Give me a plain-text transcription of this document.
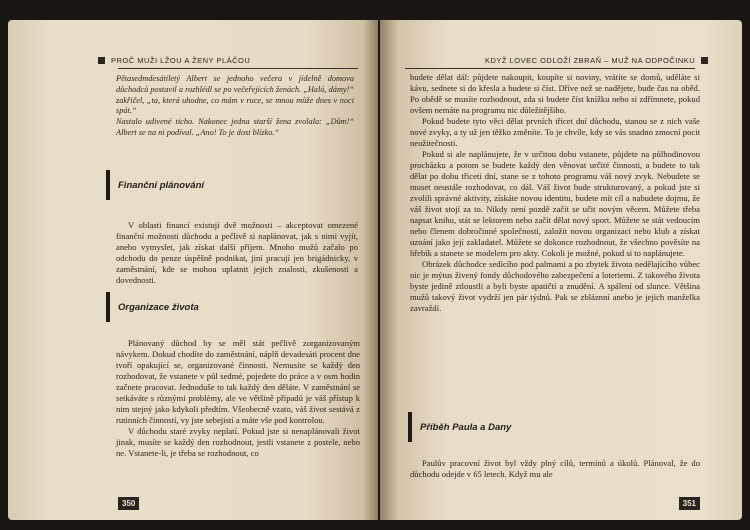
PROČ MUŽI LŽOU A ŽENY PLÁČOU

Pětasedmdesátiletý Albert se jednoho večera v jídelně domova důchodců postavil a rozhlédl se po večeřejících ženách. „Haló, dámy!“ zakřičel, „ta, která uhodne, co mám v ruce, se mnou může dnes v noci spát.“

Nastalo udivené ticho. Nakonec jedna starší žena zvolala: „Dům!“ Albert se na ni podíval. „Ano! To je dost blízko.“

Finanční plánování

V oblasti financí existují dvě možnosti – akceptovat omezené finanční možnosti důchodu a pečlivě si naplánovat, jak s nimi vyjít, anebo vymyslet, jak získat další příjem. Mnoho mužů začalo po odchodu do penze úspěšně podnikat, jiní pracují jen brigádnicky, v zaměstnání, kde se mohou uplatnit jejich znalosti, zkušenosti a dovednosti.

Organizace života

Plánovaný důchod by se měl stát pečlivě zorganizovaným návykem. Dokud chodíte do zaměstnání, náplň devadesáti procent dne tvoří opakující se, organizované činnosti. Nemusíte se každý den rozhodovat, že vstanete v půl sedmé, pojedete do práce a v osm hodin začnete pracovat. Jednoduše to tak každý den děláte. V zaměstnání se setkáváte s různými problémy, ale ve většině případů je váš přístup k nim stejný jako kdykoli předtím. Všeobecně vzato, váš život sestává z rutinních činností, vy jste sebejistí a máte vše pod kontrolou.

V důchodu staré zvyky neplatí. Pokud jste si nenaplánovali život jinak, musíte se každý den rozhodnout, jestli vstanete z postele, nebo ne. Vstanete-li, je třeba se rozhodnout, co

350
KDYŽ LOVEC ODLOŽÍ ZBRAŇ – MUŽ NA ODPOČINKU

budete dělat dál: půjdete nakoupit, koupíte si noviny, vrátíte se domů, uděláte si kávu, sednete si do křesla a budete si číst. Dříve než se nadějete, bude čas na oběd. Po obědě se musíte rozhodnout, zda si budete číst knížku nebo si zdřímnete, pokud ovšem nemáte na programu nic důležitějšího.

Pokud budete tyto věci dělat prvních třicet dní důchodu, stanou se z nich vaše nové zvyky, a ty už jen těžko změníte. To je chvíle, kdy se vás snadno zmocní pocit neužitečnosti.

Pokud si ale naplánujete, že v určitou dobu vstanete, půjdete na půlhodinovou procházku a potom se budete každý den věnovat určité činnosti, a budete to tak dělat po dobu třiceti dní, stane se z tohoto programu váš nový zvyk. Nebudete se muset neustále rozhodovat, co dál. Váš život bude strukturovaný, a pokud jste si zvolili správné aktivity, získáte novou identitu, budete mít cíl a nabudete dojmu, že váš život stojí za to. Nikdy není pozdě začít se učit novým věcem. Můžete třeba napsat knihu, stát se lektorem nebo začít dělat nový sport. Můžete se stát vedoucím nebo členem dobročinné společnosti, založit novou organizaci nebo klub a získat uznání jako její zakladatel. Můžete se dokonce rozhodnout, že všechno pověsíte na hřebík a stanete se modelem pro akty. Cokoli je možné, pokud si to naplánujete.

Obrázek důchodce sedícího pod palmami a po zbytek života nedělajícího vůbec nic je mýtus živený fondy důchodového zabezpečení a loteriemi. Z takového života byste jedině ztloustli a byli byste apatičtí a znudění. A spálení od slunce. Většina mužů takový život vydrží jen pár týdnů. Pak se zbláznní anebo je jejich manželka zavraždí.

Příběh Paula a Dany

Paulův pracovní život byl vždy plný cílů, termínů a úkolů. Plánoval, že do důchodu odejde v 65 letech. Když mu ale

351
